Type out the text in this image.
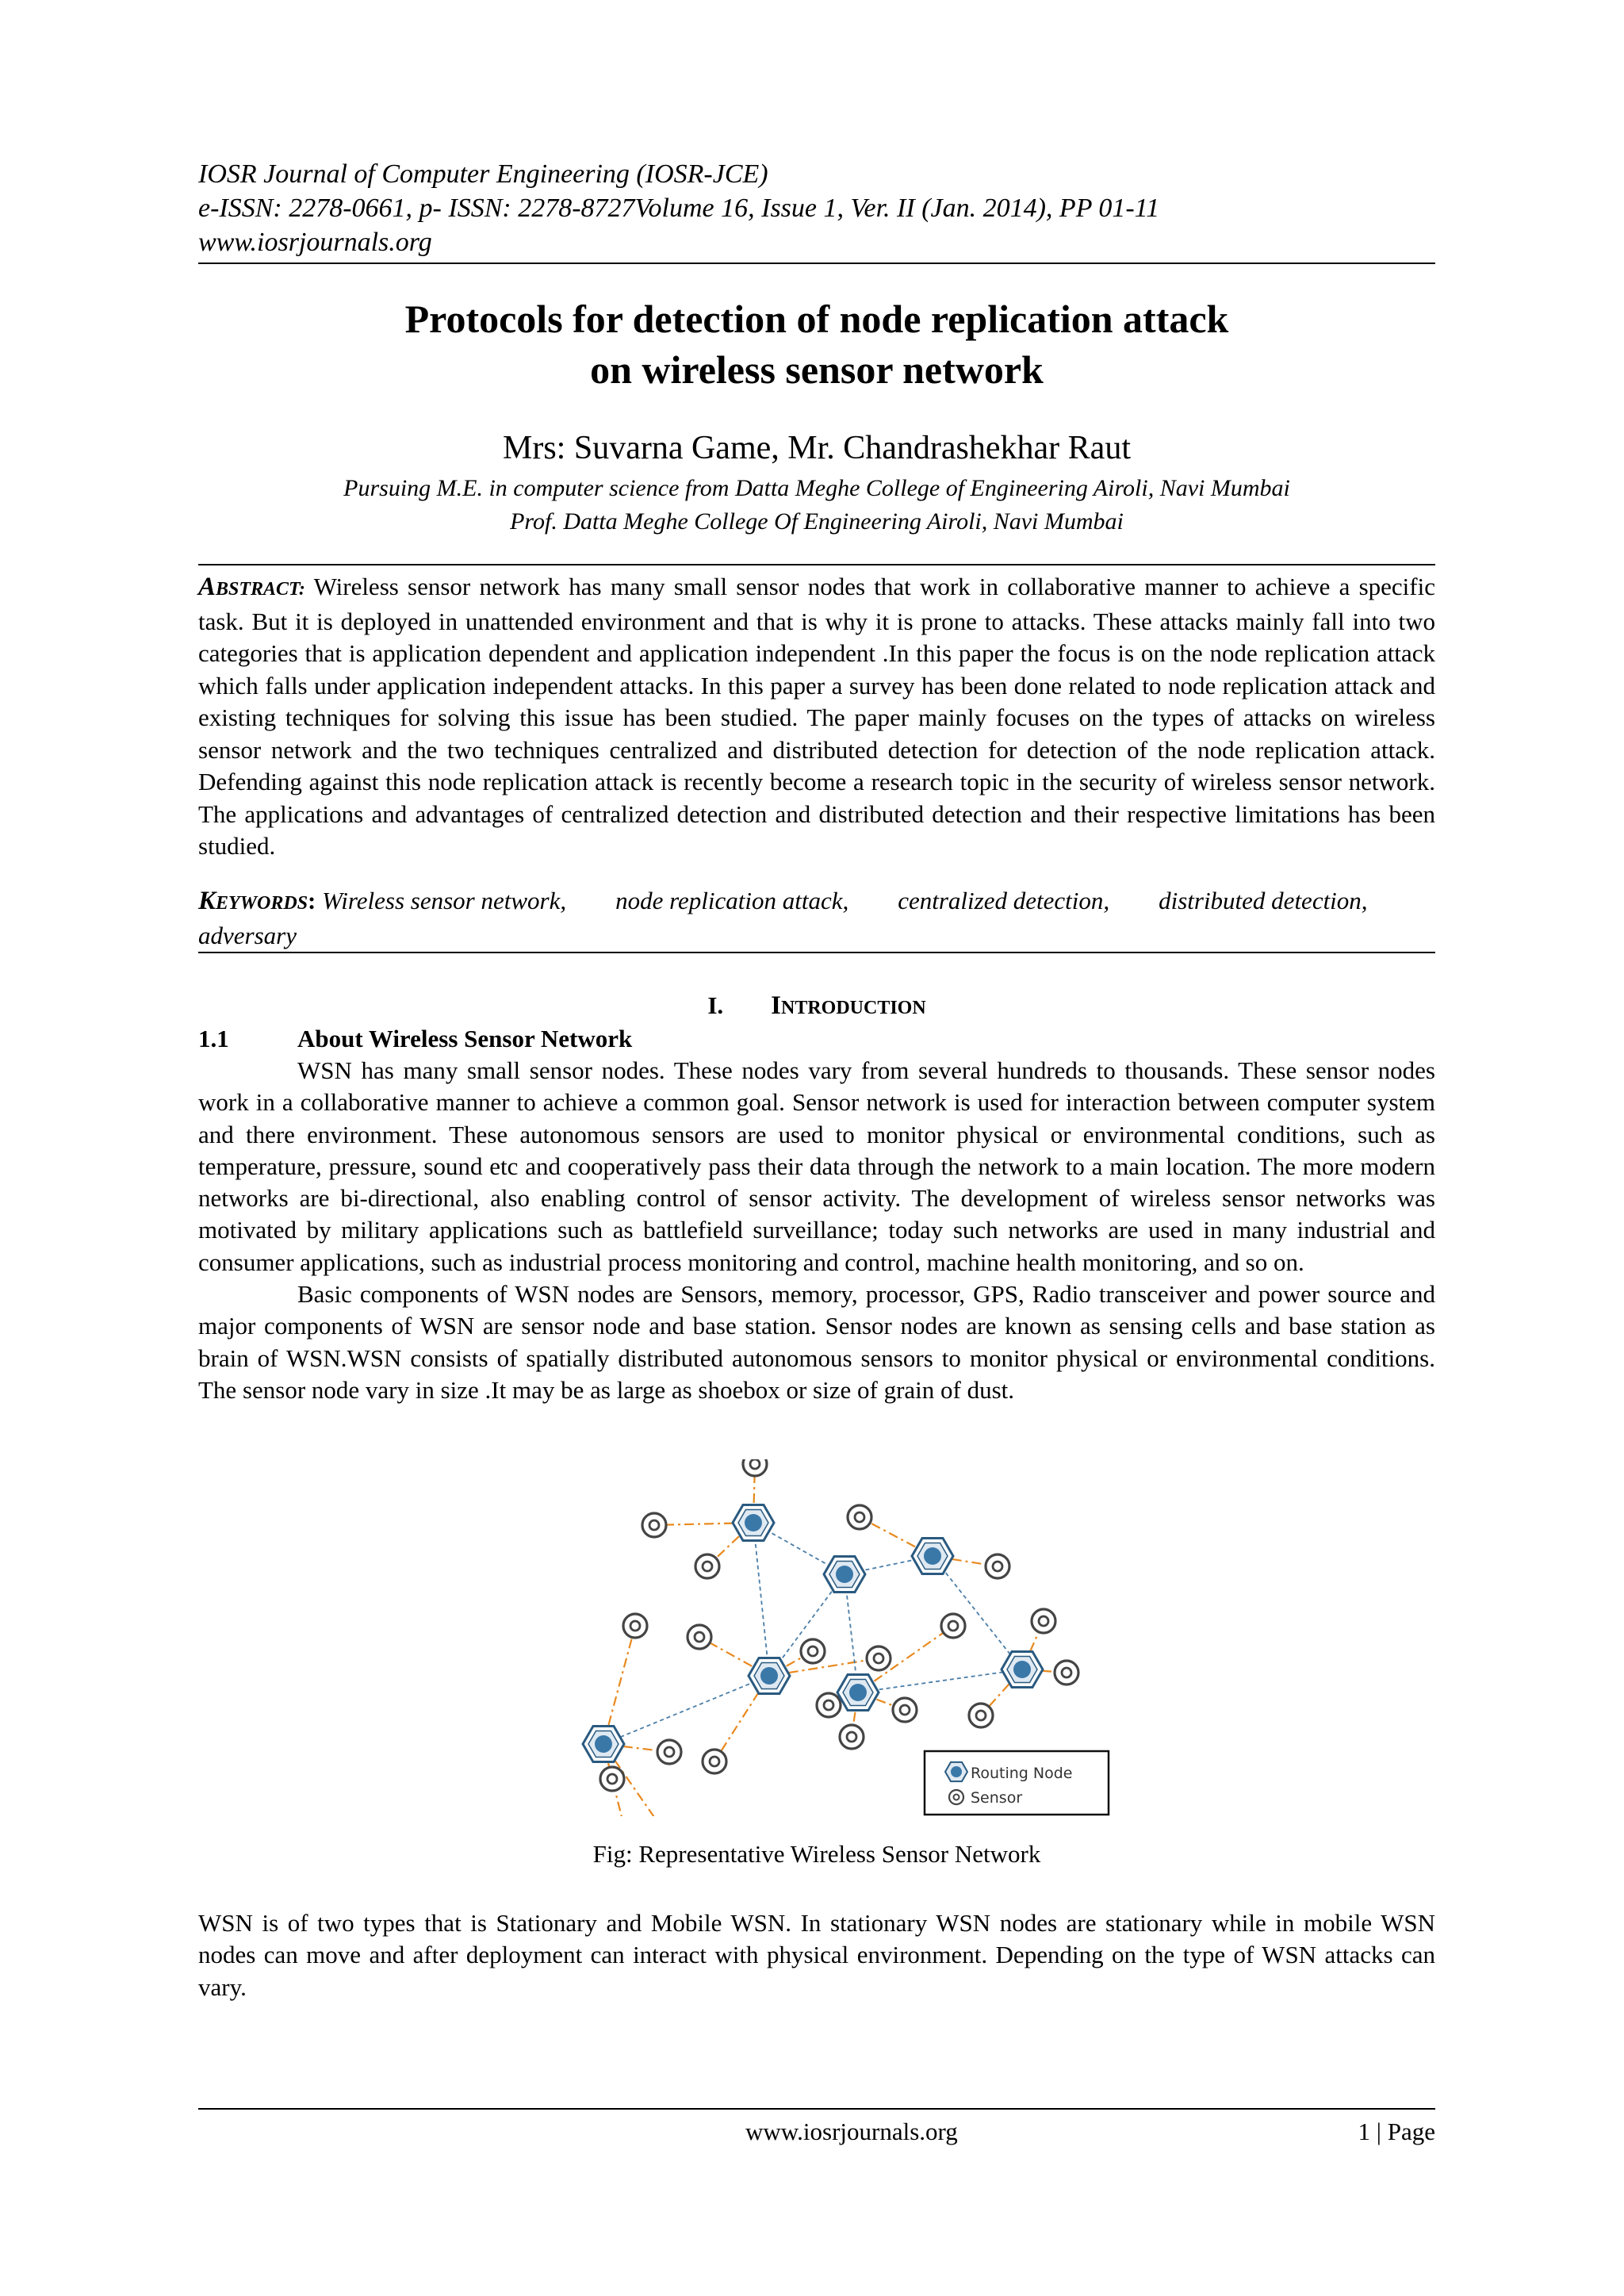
IOSR Journal of Computer Engineering (IOSR-JCE)
e-ISSN: 2278-0661, p- ISSN: 2278-8727Volume 16, Issue 1, Ver. II (Jan. 2014), PP 01-11
www.iosrjournals.org
Protocols for detection of node replication attack
on wireless sensor network
Mrs: Suvarna Game, Mr. Chandrashekhar Raut
Pursuing M.E. in computer science from Datta Meghe College of Engineering Airoli, Navi Mumbai
Prof. Datta Meghe College Of Engineering Airoli, Navi Mumbai
ABSTRACT: Wireless sensor network has many small sensor nodes that work in collaborative manner to achieve a specific task. But it is deployed in unattended environment and that is why it is prone to attacks. These attacks mainly fall into two categories that is application dependent and application independent .In this paper the focus is on the node replication attack which falls under application independent attacks. In this paper a survey has been done related to node replication attack and existing techniques for solving this issue has been studied. The paper mainly focuses on the types of attacks on wireless sensor network and the two techniques centralized and distributed detection for detection of the node replication attack. Defending against this node replication attack is recently become a research topic in the security of wireless sensor network. The applications and advantages of centralized detection and distributed detection and their respective limitations has been studied.
KEYWORDS: Wireless sensor network,        node replication attack,        centralized detection,        distributed detection,     adversary
I. INTRODUCTION
1.1	About Wireless Sensor Network

WSN has many small sensor nodes. These nodes vary from several hundreds to thousands. These sensor nodes work in a collaborative manner to achieve a common goal. Sensor network is used for interaction between computer system and there environment. These autonomous sensors are used to monitor physical or environmental conditions, such as temperature, pressure, sound etc and cooperatively pass their data through the network to a main location. The more modern networks are bi-directional, also enabling control of sensor activity. The development of wireless sensor networks was motivated by military applications such as battlefield surveillance; today such networks are used in many industrial and consumer applications, such as industrial process monitoring and control, machine health monitoring, and so on.

Basic components of WSN nodes are Sensors, memory, processor, GPS, Radio transceiver and power source and major components of WSN are sensor node and base station. Sensor nodes are known as sensing cells and base station as brain of WSN.WSN consists of spatially distributed autonomous sensors to monitor physical or environmental conditions. The sensor node vary in size .It may be as large as shoebox or size of grain of dust.

Routing Node
Sensor
Fig: Representative Wireless Sensor Network

WSN is of two types that is Stationary and Mobile WSN. In stationary WSN nodes are stationary while in mobile WSN nodes can move and after deployment can interact with physical environment. Depending on the type of WSN attacks can vary.

www.iosrjournals.org	1 | Page
